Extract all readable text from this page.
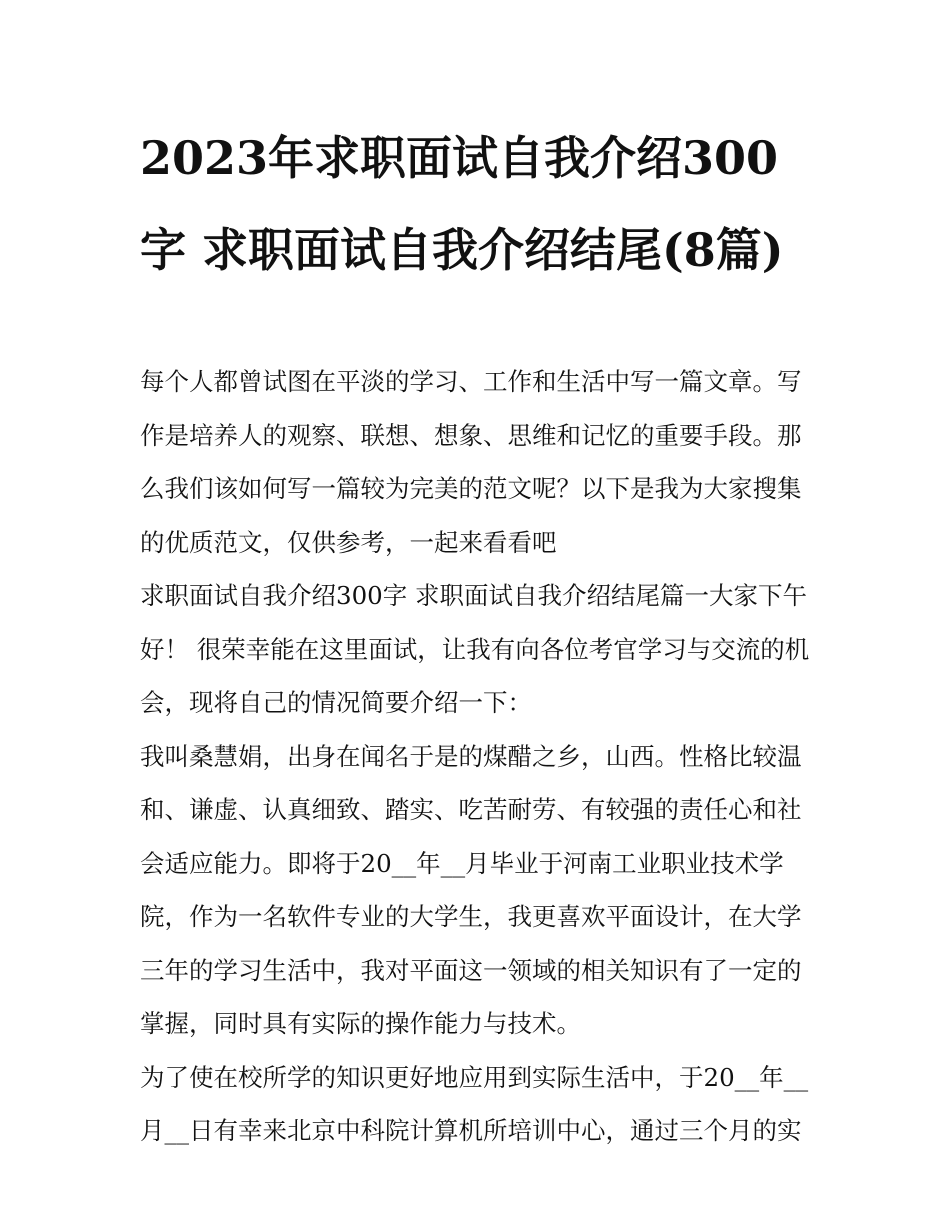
2023年求职面试自我介绍300字 求职面试自我介绍结尾(8篇)

每个人都曾试图在平淡的学习、工作和生活中写一篇文章。写作是培养人的观察、联想、想象、思维和记忆的重要手段。那么我们该如何写一篇较为完美的范文呢？以下是我为大家搜集的优质范文，仅供参考，一起来看看吧

求职面试自我介绍300字 求职面试自我介绍结尾篇一大家下午好！ 很荣幸能在这里面试，让我有向各位考官学习与交流的机会，现将自己的情况简要介绍一下：

我叫桑慧娟，出身在闻名于是的煤醋之乡，山西。性格比较温和、谦虚、认真细致、踏实、吃苦耐劳、有较强的责任心和社会适应能力。即将于20__年__月毕业于河南工业职业技术学院，作为一名软件专业的大学生，我更喜欢平面设计，在大学三年的学习生活中，我对平面这一领域的相关知识有了一定的掌握，同时具有实际的操作能力与技术。

为了使在校所学的知识更好地应用到实际生活中，于20__年__月__日有幸来北京中科院计算机所培训中心，通过三个月的实
